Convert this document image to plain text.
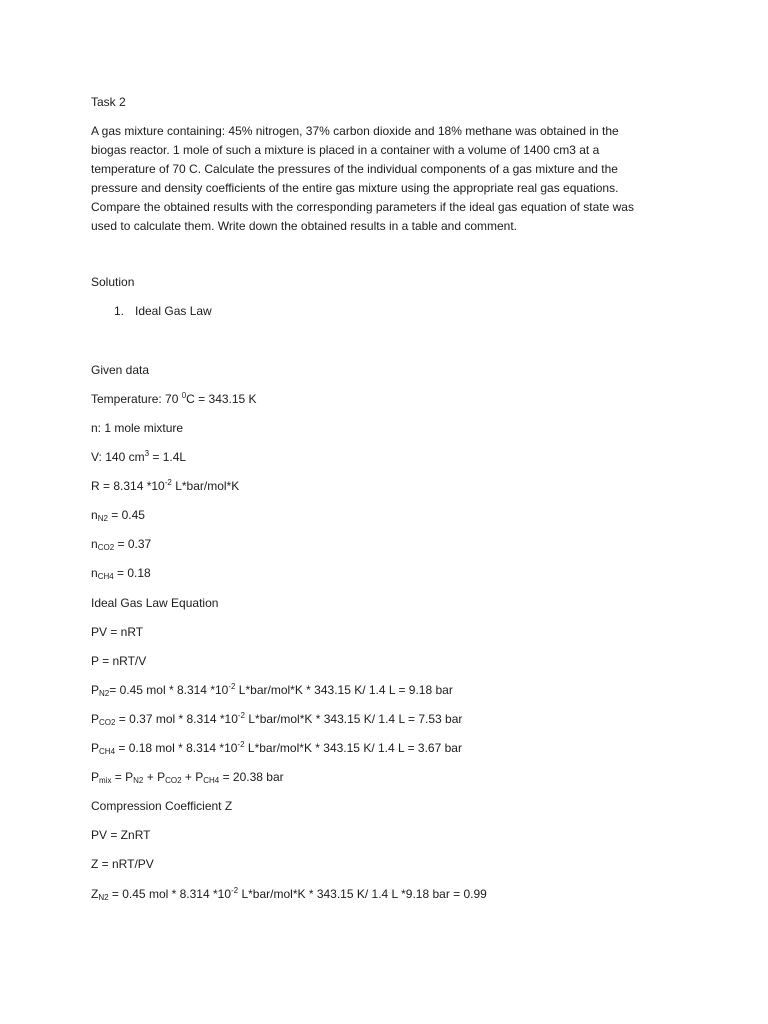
Task 2
A gas mixture containing: 45% nitrogen, 37% carbon dioxide and 18% methane was obtained in the
biogas reactor. 1 mole of such a mixture is placed in a container with a volume of 1400 cm3 at a
temperature of 70 C. Calculate the pressures of the individual components of a gas mixture and the
pressure and density coefficients of the entire gas mixture using the appropriate real gas equations.
Compare the obtained results with the corresponding parameters if the ideal gas equation of state was
used to calculate them. Write down the obtained results in a table and comment.
Solution
1. Ideal Gas Law
Given data
Temperature: 70 $^0$C = 343.15 K
n: 1 mole mixture
V: 140 $cm^3 = 1.4L$
R = 8.314 $*10^{-2}$ L*bar/mol*K
$n_{N2} = 0.45$
$n_{CO2} = 0.37$
$n_{CH4} = 0.18$
Ideal Gas Law Equation
PV = nRT
P = nRT/V
$P_{N2}= 0.45$ mol * 8.314 $*10^{-2}$ L*bar/mol*K * 343.15 K/ 1.4 L = 9.18 bar
$P_{CO2} = 0.37$ mol * 8.314 $*10^{-2}$ L*bar/mol*K * 343.15 K/ 1.4 L = 7.53 bar
$P_{CH4} = 0.18$ mol * 8.314 $*10^{-2}$ L*bar/mol*K * 343.15 K/ 1.4 L = 3.67 bar
$P_{mix} = P_{N2} + P_{CO2} + P_{CH4} = 20.38$ bar
Compression Coefficient Z
PV = ZnRT
Z = nRT/PV
$Z_{N2} = 0.45$ mol * 8.314 $*10^{-2}$ L*bar/mol*K * 343.15 K/ 1.4 L *9.18 bar = 0.99
